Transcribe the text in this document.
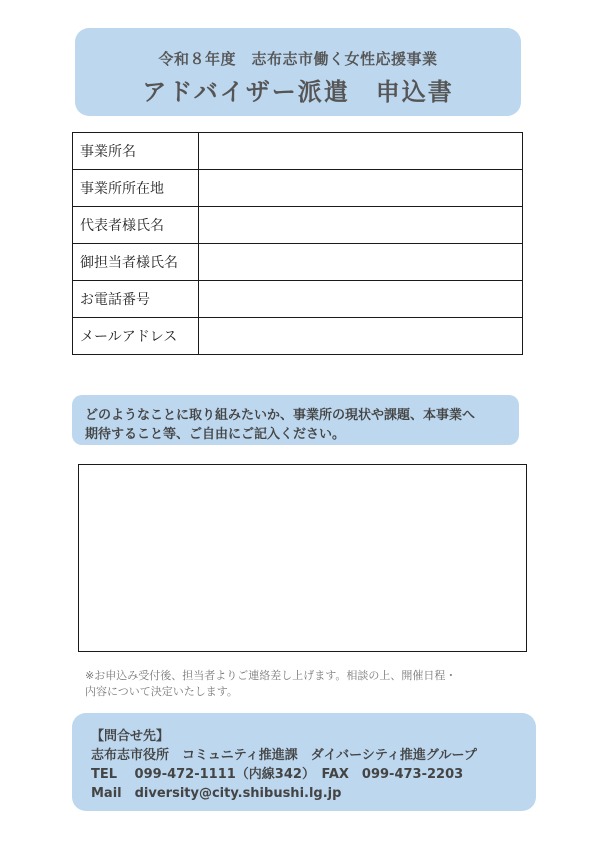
令和８年度　志布志市働く女性応援事業
アドバイザー派遣　申込書
事業所名	
事業所所在地	
代表者様氏名	
御担当者様氏名	
お電話番号	
メールアドレス	
どのようなことに取り組みたいか、事業所の現状や課題、本事業へ
期待すること等、ご自由にご記入ください。
※お申込み受付後、担当者よりご連絡差し上げます。相談の上、開催日程・
内容について決定いたします。
【問合せ先】
志布志市役所　コミュニティ推進課　ダイバーシティ推進グループ
TEL　 099-472-1111（内線342）　FAX　099-473-2203
Mail　diversity@city.shibushi.lg.jp
